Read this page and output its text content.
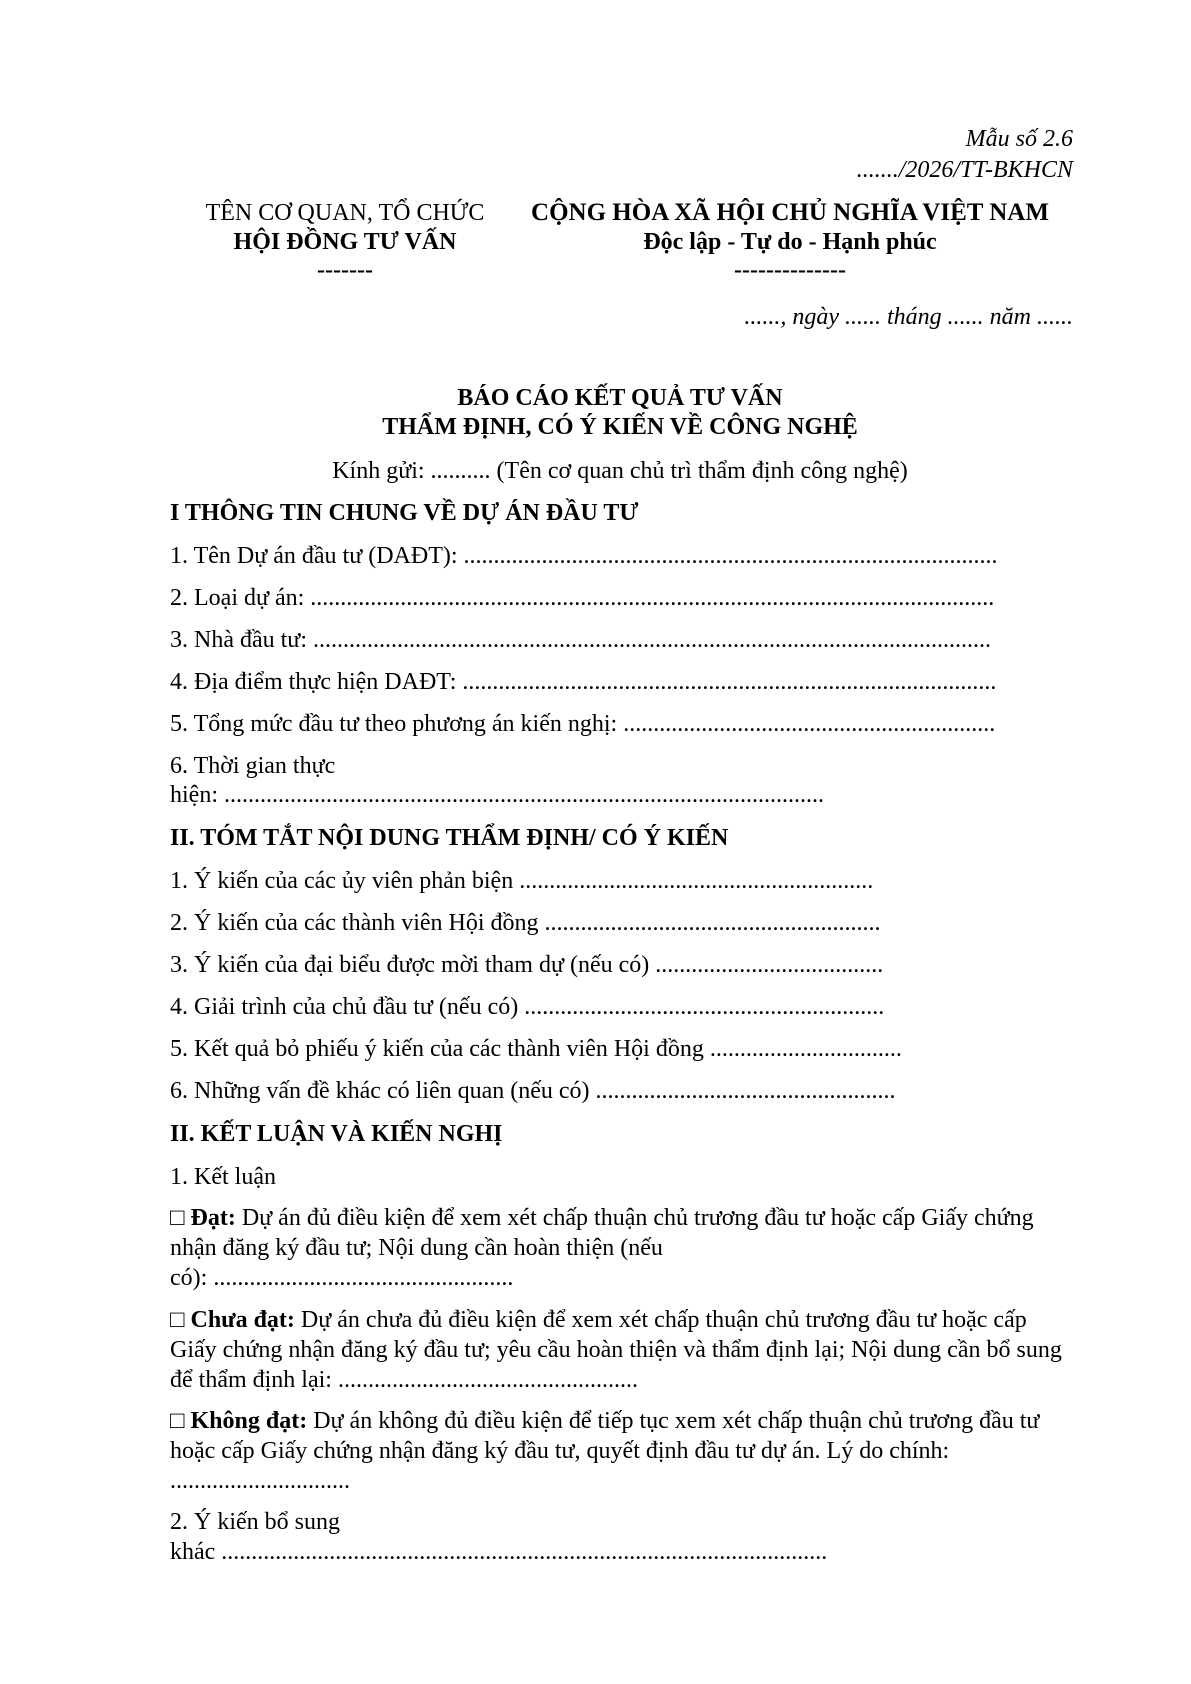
Mẫu số 2.6
......./2026/TT-BKHCN
TÊN CƠ QUAN, TỔ CHỨC
HỘI ĐỒNG TƯ VẤN
-------
CỘNG HÒA XÃ HỘI CHỦ NGHĨA VIỆT NAM
Độc lập - Tự do - Hạnh phúc
--------------
......, ngày ...... tháng ...... năm ......
BÁO CÁO KẾT QUẢ TƯ VẤN
THẨM ĐỊNH, CÓ Ý KIẾN VỀ CÔNG NGHỆ
Kính gửi: .......... (Tên cơ quan chủ trì thẩm định công nghệ)
I THÔNG TIN CHUNG VỀ DỰ ÁN ĐẦU TƯ
1. Tên Dự án đầu tư (DAĐT): .........................................................................................
2. Loại dự án: ..................................................................................................................
3. Nhà đầu tư: .................................................................................................................
4. Địa điểm thực hiện DAĐT: .........................................................................................
5. Tổng mức đầu tư theo phương án kiến nghị: ..............................................................
6. Thời gian thực
hiện: ....................................................................................................
II. TÓM TẮT NỘI DUNG THẨM ĐỊNH/ CÓ Ý KIẾN
1. Ý kiến của các ủy viên phản biện ...........................................................
2. Ý kiến của các thành viên Hội đồng ........................................................
3. Ý kiến của đại biểu được mời tham dự (nếu có) ......................................
4. Giải trình của chủ đầu tư (nếu có) ............................................................
5. Kết quả bỏ phiếu ý kiến của các thành viên Hội đồng ................................
6. Những vấn đề khác có liên quan (nếu có) ..................................................
II. KẾT LUẬN VÀ KIẾN NGHỊ
1. Kết luận
□ Đạt: Dự án đủ điều kiện để xem xét chấp thuận chủ trương đầu tư hoặc cấp Giấy chứng nhận đăng ký đầu tư; Nội dung cần hoàn thiện (nếu
có): ..................................................
□ Chưa đạt: Dự án chưa đủ điều kiện để xem xét chấp thuận chủ trương đầu tư hoặc cấp Giấy chứng nhận đăng ký đầu tư; yêu cầu hoàn thiện và thẩm định lại; Nội dung cần bổ sung để thẩm định lại: ..................................................
□ Không đạt: Dự án không đủ điều kiện để tiếp tục xem xét chấp thuận chủ trương đầu tư hoặc cấp Giấy chứng nhận đăng ký đầu tư, quyết định đầu tư dự án. Lý do chính: ..............................
2. Ý kiến bổ sung
khác .....................................................................................................
